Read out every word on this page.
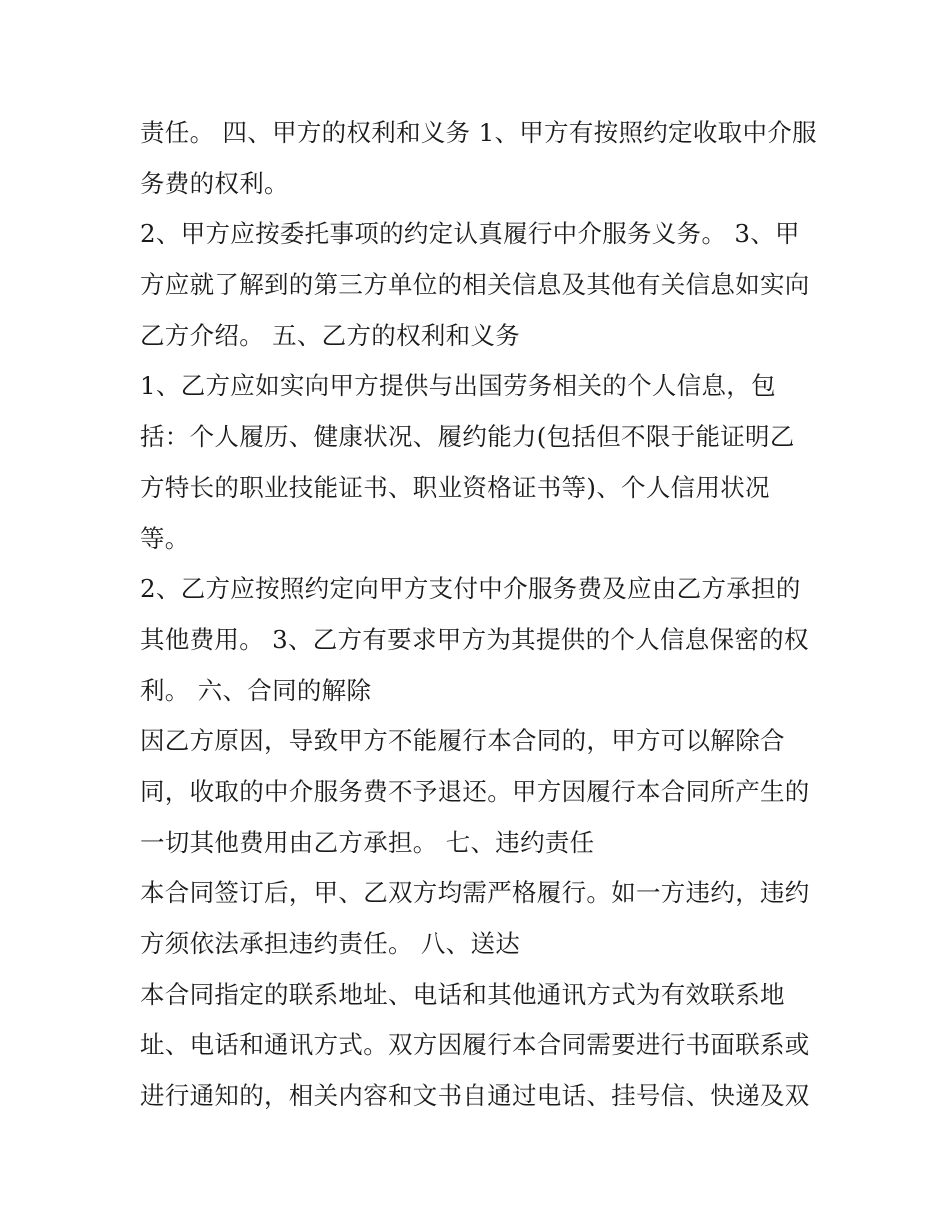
责任。 四、甲方的权利和义务 1、甲方有按照约定收取中介服
务费的权利。
2、甲方应按委托事项的约定认真履行中介服务义务。 3、甲
方应就了解到的第三方单位的相关信息及其他有关信息如实向
乙方介绍。 五、乙方的权利和义务
1、乙方应如实向甲方提供与出国劳务相关的个人信息，包
括：个人履历、健康状况、履约能力(包括但不限于能证明乙
方特长的职业技能证书、职业资格证书等)、个人信用状况
等。
2、乙方应按照约定向甲方支付中介服务费及应由乙方承担的
其他费用。 3、乙方有要求甲方为其提供的个人信息保密的权
利。 六、合同的解除
因乙方原因，导致甲方不能履行本合同的，甲方可以解除合
同，收取的中介服务费不予退还。甲方因履行本合同所产生的
一切其他费用由乙方承担。 七、违约责任
本合同签订后，甲、乙双方均需严格履行。如一方违约，违约
方须依法承担违约责任。 八、送达
本合同指定的联系地址、电话和其他通讯方式为有效联系地
址、电话和通讯方式。双方因履行本合同需要进行书面联系或
进行通知的，相关内容和文书自通过电话、挂号信、快递及双
